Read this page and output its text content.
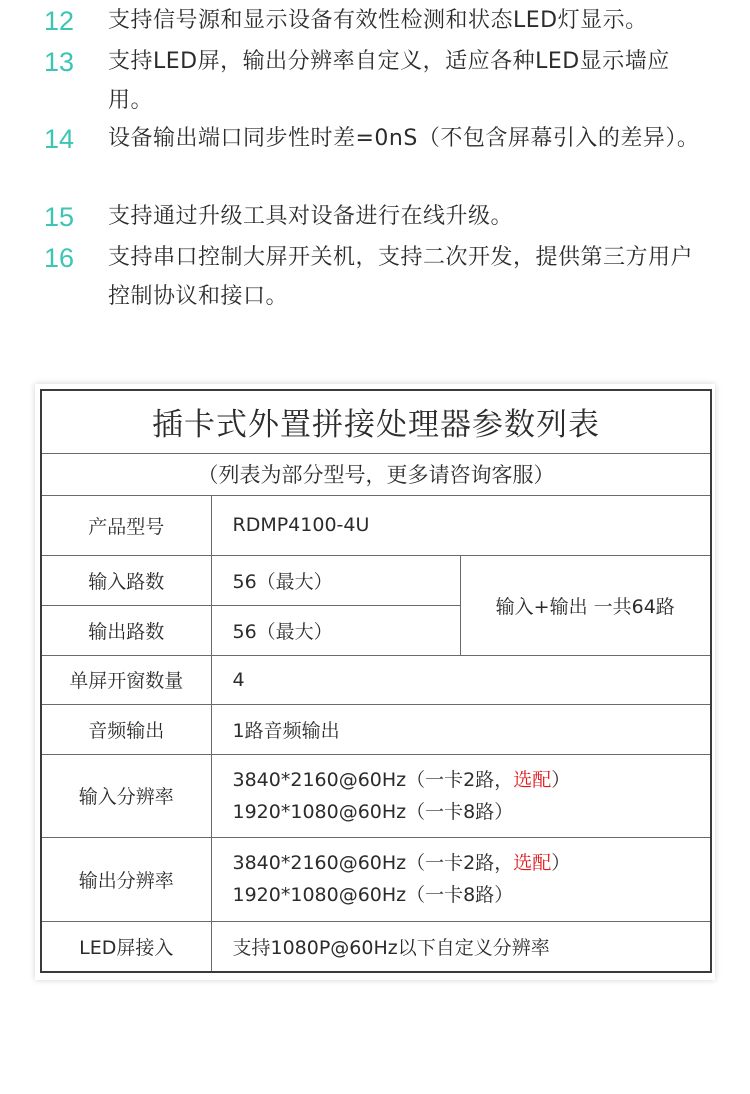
12	支持信号源和显示设备有效性检测和状态LED灯显示。
13	支持LED屏，输出分辨率自定义，适应各种LED显示墙应用。
14	设备输出端口同步性时差=0nS（不包含屏幕引入的差异）。
15	支持通过升级工具对设备进行在线升级。
16	支持串口控制大屏开关机，支持二次开发，提供第三方用户控制协议和接口。
插卡式外置拼接处理器参数列表		
（列表为部分型号，更多请咨询客服）		
产品型号	RDMP4100-4U	
输入路数	56（最大）	输入+输出 一共64路
输出路数	56（最大）	
单屏开窗数量	4	
音频输出	1路音频输出	
输入分辨率	3840*2160@60Hz（一卡2路，选配）
1920*1080@60Hz（一卡8路）	

输出分辨率	3840*2160@60Hz（一卡2路，选配）
1920*1080@60Hz（一卡8路）	

LED屏接入	支持1080P@60Hz以下自定义分辨率	
